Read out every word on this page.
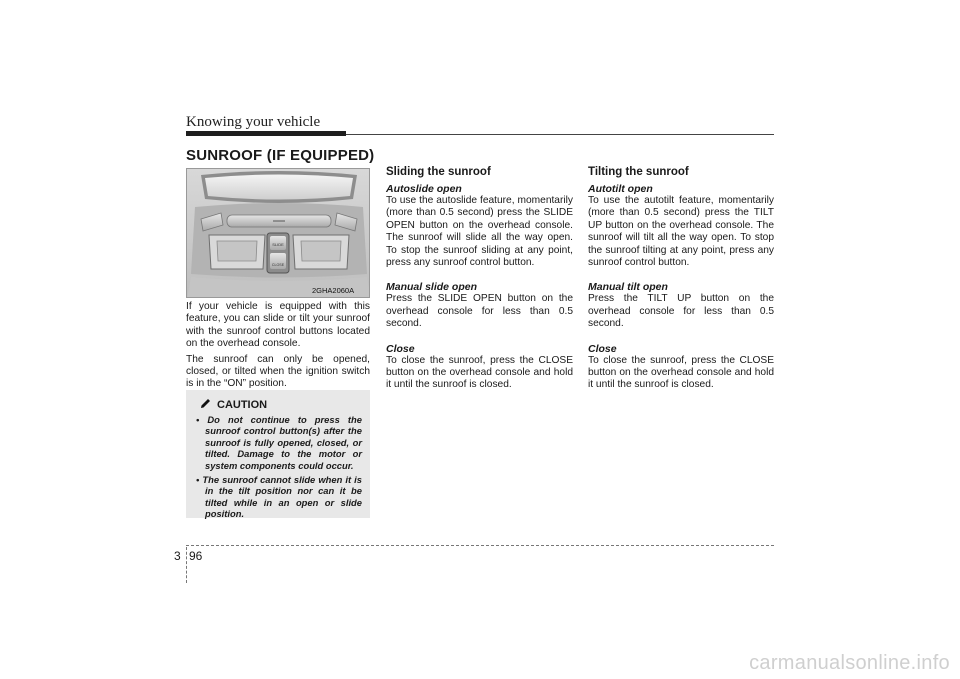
Knowing your vehicle
SUNROOF (IF EQUIPPED)
SLIDE
CLOSE
2GHA2060A

If your vehicle is equipped with this feature, you can slide or tilt your sunroof with the sunroof control buttons located on the overhead console.

The sunroof can only be opened, closed, or tilted when the ignition switch is in the “ON” position.

CAUTION
• Do not continue to press the sunroof control button(s) after the sunroof is fully opened, closed, or tilted. Damage to the motor or system components could occur.
• The sunroof cannot slide when it is in the tilt position nor can it be tilted while in an open or slide position.

Sliding the sunroof

Autoslide open

To use the autoslide feature, momentarily (more than 0.5 second) press the SLIDE OPEN button on the overhead console. The sunroof will slide all the way open. To stop the sunroof sliding at any point, press any sunroof control button.

Manual slide open

Press the SLIDE OPEN button on the overhead console for less than 0.5 second.

Close

To close the sunroof, press the CLOSE button on the overhead console and hold it until the sunroof is closed.

Tilting the sunroof

Autotilt open

To use the autotilt feature, momentarily (more than 0.5 second) press the TILT UP button on the overhead console. The sunroof will tilt all the way open. To stop the sunroof tilting at any point, press any sunroof control button.

Manual tilt open

Press the TILT UP button on the overhead console for less than 0.5 second.

Close

To close the sunroof, press the CLOSE button on the overhead console and hold it until the sunroof is closed.

3 96
carmanualsonline.info
